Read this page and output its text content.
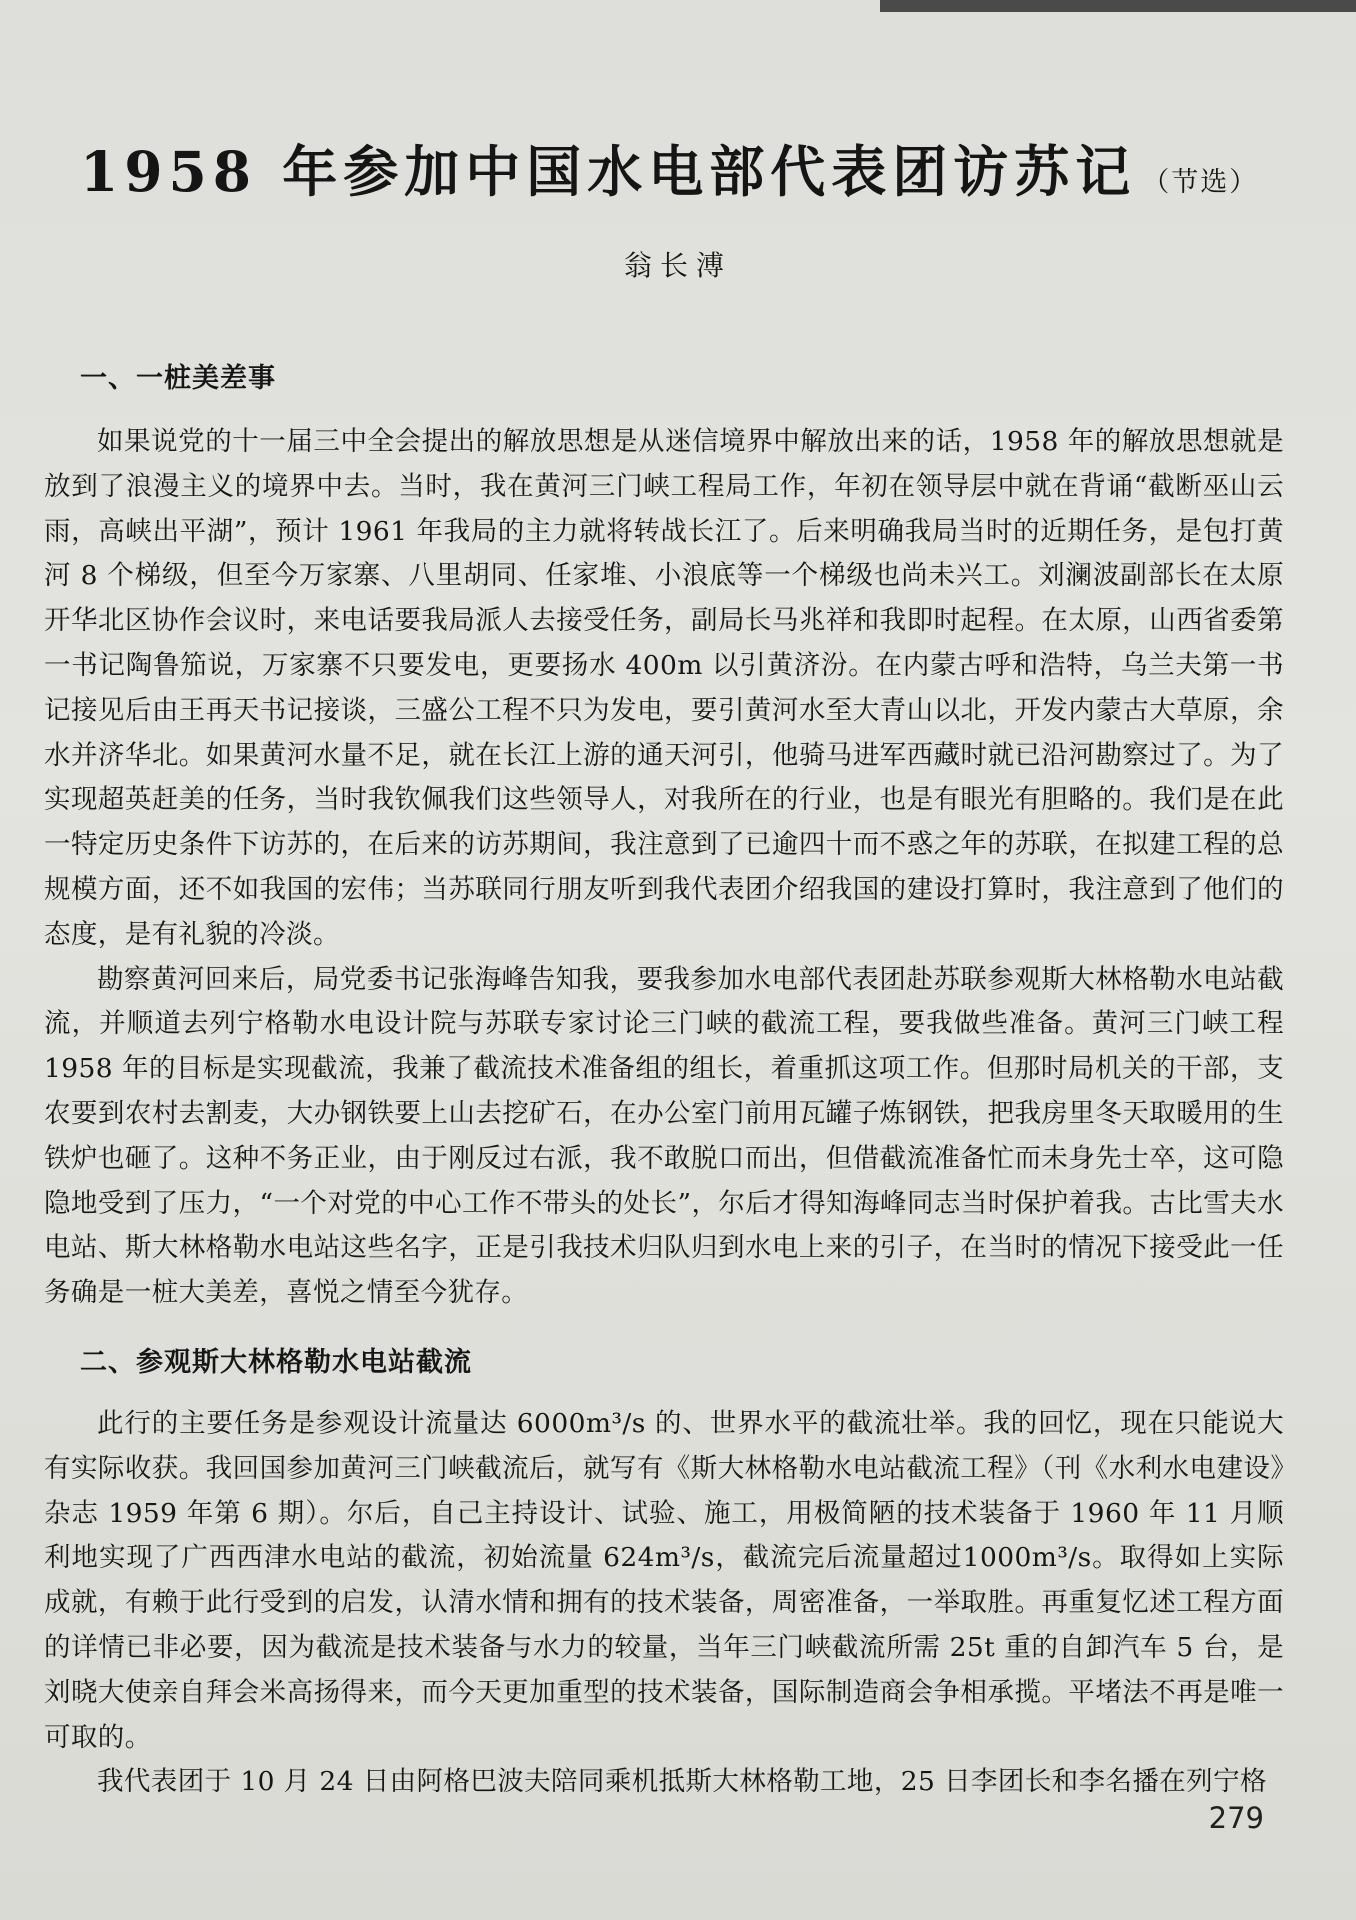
1958 年参加中国水电部代表团访苏记 （节选）
翁长溥
一、一桩美差事

如果说党的十一届三中全会提出的解放思想是从迷信境界中解放出来的话，1958 年的解放思想就是放到了浪漫主义的境界中去。当时，我在黄河三门峡工程局工作，年初在领导层中就在背诵“截断巫山云雨，高峡出平湖”，预计 1961 年我局的主力就将转战长江了。后来明确我局当时的近期任务，是包打黄河 8 个梯级，但至今万家寨、八里胡同、任家堆、小浪底等一个梯级也尚未兴工。刘澜波副部长在太原开华北区协作会议时，来电话要我局派人去接受任务，副局长马兆祥和我即时起程。在太原，山西省委第一书记陶鲁笳说，万家寨不只要发电，更要扬水 400m 以引黄济汾。在内蒙古呼和浩特，乌兰夫第一书记接见后由王再天书记接谈，三盛公工程不只为发电，要引黄河水至大青山以北，开发内蒙古大草原，余水并济华北。如果黄河水量不足，就在长江上游的通天河引，他骑马进军西藏时就已沿河勘察过了。为了实现超英赶美的任务，当时我钦佩我们这些领导人，对我所在的行业，也是有眼光有胆略的。我们是在此一特定历史条件下访苏的，在后来的访苏期间，我注意到了已逾四十而不惑之年的苏联，在拟建工程的总规模方面，还不如我国的宏伟；当苏联同行朋友听到我代表团介绍我国的建设打算时，我注意到了他们的态度，是有礼貌的冷淡。

勘察黄河回来后，局党委书记张海峰告知我，要我参加水电部代表团赴苏联参观斯大林格勒水电站截流，并顺道去列宁格勒水电设计院与苏联专家讨论三门峡的截流工程，要我做些准备。黄河三门峡工程 1958 年的目标是实现截流，我兼了截流技术准备组的组长，着重抓这项工作。但那时局机关的干部，支农要到农村去割麦，大办钢铁要上山去挖矿石，在办公室门前用瓦罐子炼钢铁，把我房里冬天取暖用的生铁炉也砸了。这种不务正业，由于刚反过右派，我不敢脱口而出，但借截流准备忙而未身先士卒，这可隐隐地受到了压力，“一个对党的中心工作不带头的处长”，尔后才得知海峰同志当时保护着我。古比雪夫水电站、斯大林格勒水电站这些名字，正是引我技术归队归到水电上来的引子，在当时的情况下接受此一任务确是一桩大美差，喜悦之情至今犹存。

二、参观斯大林格勒水电站截流

此行的主要任务是参观设计流量达 6000m³/s 的、世界水平的截流壮举。我的回忆，现在只能说大有实际收获。我回国参加黄河三门峡截流后，就写有《斯大林格勒水电站截流工程》（刊《水利水电建设》杂志 1959 年第 6 期）。尔后，自己主持设计、试验、施工，用极简陋的技术装备于 1960 年 11 月顺利地实现了广西西津水电站的截流，初始流量 624m³/s，截流完后流量超过1000m³/s。取得如上实际成就，有赖于此行受到的启发，认清水情和拥有的技术装备，周密准备，一举取胜。再重复忆述工程方面的详情已非必要，因为截流是技术装备与水力的较量，当年三门峡截流所需 25t 重的自卸汽车 5 台，是刘晓大使亲自拜会米高扬得来，而今天更加重型的技术装备，国际制造商会争相承揽。平堵法不再是唯一可取的。

我代表团于 10 月 24 日由阿格巴波夫陪同乘机抵斯大林格勒工地，25 日李团长和李名播在列宁格

279
